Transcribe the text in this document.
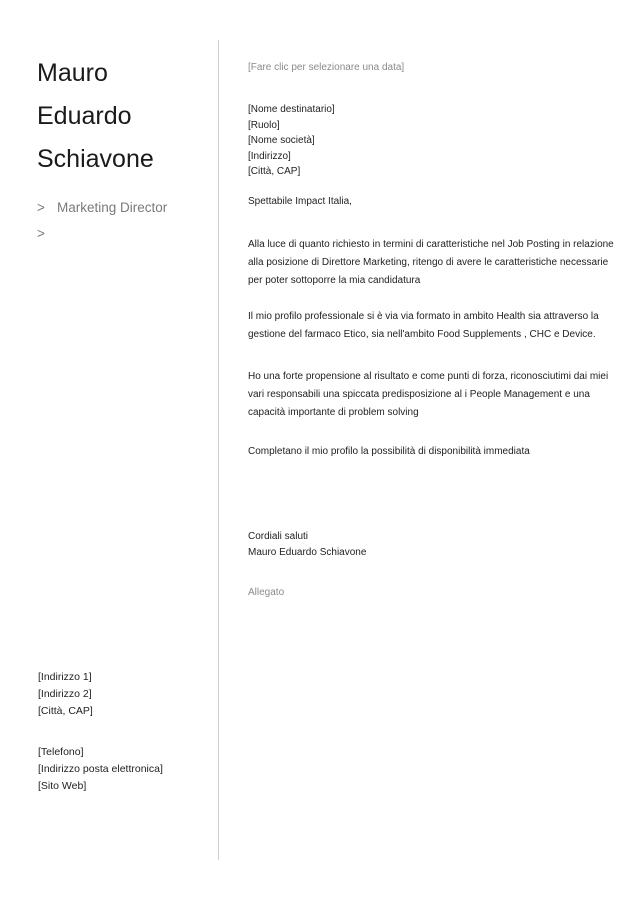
Mauro Eduardo
Schiavone
> Marketing Director
>
[Indirizzo 1]
[Indirizzo 2]
[Città, CAP]
[Telefono]
[Indirizzo posta elettronica]
[Sito Web]
[Fare clic per selezionare una data]
[Nome destinatario]
[Ruolo]
[Nome società]
[Indirizzo]
[Città, CAP]
Spettabile Impact Italia,
Alla luce di quanto richiesto in termini di caratteristiche nel Job Posting in relazione alla posizione di Direttore Marketing, ritengo di avere le caratteristiche necessarie per poter sottoporre la mia candidatura
Il mio profilo professionale si è via via formato in ambito Health sia attraverso la gestione del farmaco Etico, sia nell'ambito Food Supplements , CHC e Device.
Ho una forte propensione al risultato e come punti di forza, riconosciutimi dai miei vari responsabili una spiccata predisposizione al i People Management e una capacità importante di problem solving
Completano il mio profilo la possibilità di disponibilità immediata
Cordiali saluti
Mauro Eduardo Schiavone
Allegato
